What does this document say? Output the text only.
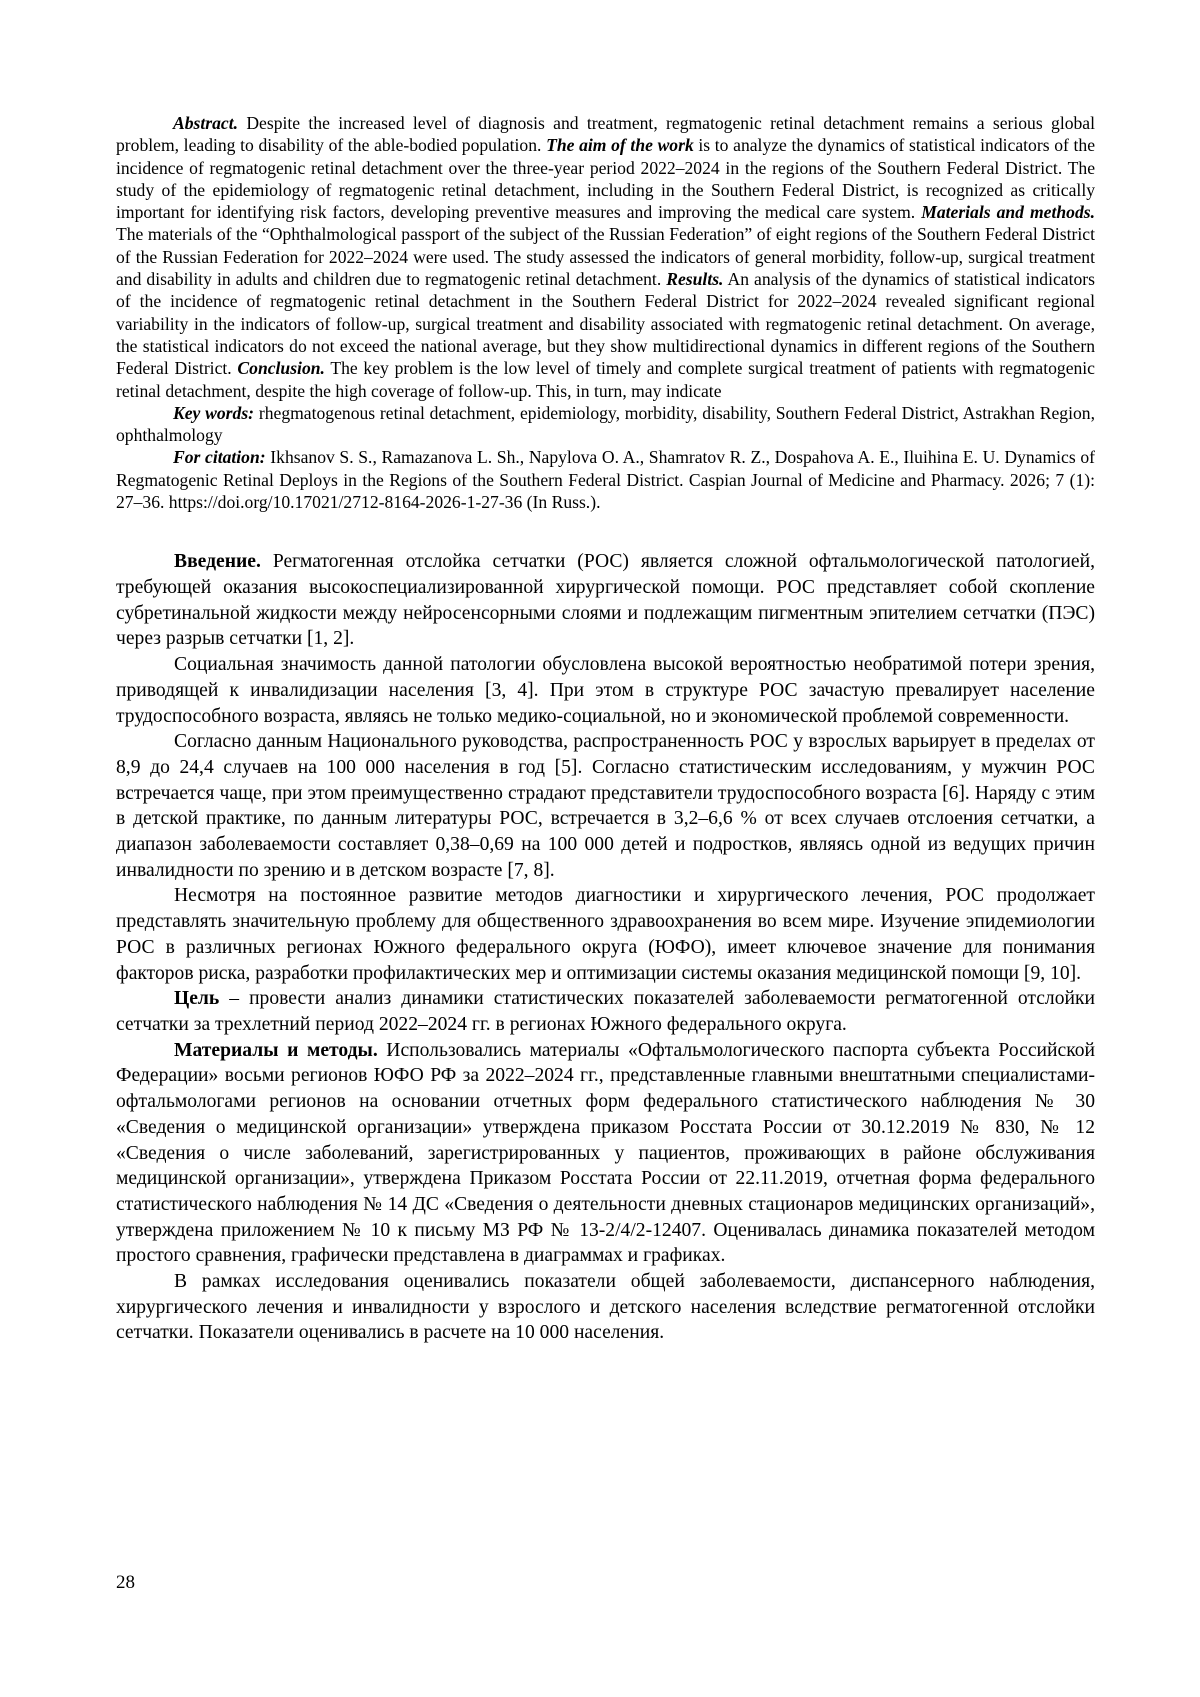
Abstract. Despite the increased level of diagnosis and treatment, regmatogenic retinal detachment remains a serious global problem, leading to disability of the able-bodied population. The aim of the work is to analyze the dynamics of statistical indicators of the incidence of regmatogenic retinal detachment over the three-year period 2022–2024 in the regions of the Southern Federal District. The study of the epidemiology of regmatogenic retinal detachment, including in the Southern Federal District, is recognized as critically important for identifying risk factors, developing preventive measures and improving the medical care system. Materials and methods. The materials of the “Ophthalmological passport of the subject of the Russian Federation” of eight regions of the Southern Federal District of the Russian Federation for 2022–2024 were used. The study assessed the indicators of general morbidity, follow-up, surgical treatment and disability in adults and children due to regmatogenic retinal detachment. Results. An analysis of the dynamics of statistical indicators of the incidence of regmatogenic retinal detachment in the Southern Federal District for 2022–2024 revealed significant regional variability in the indicators of follow-up, surgical treatment and disability associated with regmatogenic retinal detachment. On average, the statistical indicators do not exceed the national average, but they show multidirectional dynamics in different regions of the Southern Federal District. Conclusion. The key problem is the low level of timely and complete surgical treatment of patients with regmatogenic retinal detachment, despite the high coverage of follow-up. This, in turn, may indicate

Key words: rhegmatogenous retinal detachment, epidemiology, morbidity, disability, Southern Federal District, Astrakhan Region, ophthalmology

For citation: Ikhsanov S. S., Ramazanova L. Sh., Napylova O. A., Shamratov R. Z., Dospahova A. E., Iluihina E. U. Dynamics of Regmatogenic Retinal Deploys in the Regions of the Southern Federal District. Caspian Journal of Medicine and Pharmacy. 2026; 7 (1): 27–36. https://doi.org/10.17021/2712-8164-2026-1-27-36 (In Russ.).

Введение. Регматогенная отслойка сетчатки (РОС) является сложной офтальмологической патологией, требующей оказания высокоспециализированной хирургической помощи. РОС представляет собой скопление субретинальной жидкости между нейросенсорными слоями и подлежащим пигментным эпителием сетчатки (ПЭС) через разрыв сетчатки [1, 2].

Социальная значимость данной патологии обусловлена высокой вероятностью необратимой потери зрения, приводящей к инвалидизации населения [3, 4]. При этом в структуре РОС зачастую превалирует население трудоспособного возраста, являясь не только медико-социальной, но и экономической проблемой современности.

Согласно данным Национального руководства, распространенность РОС у взрослых варьирует в пределах от 8,9 до 24,4 случаев на 100 000 населения в год [5]. Согласно статистическим исследованиям, у мужчин РОС встречается чаще, при этом преимущественно страдают представители трудоспособного возраста [6]. Наряду с этим в детской практике, по данным литературы РОС, встречается в 3,2–6,6 % от всех случаев отслоения сетчатки, а диапазон заболеваемости составляет 0,38–0,69 на 100 000 детей и подростков, являясь одной из ведущих причин инвалидности по зрению и в детском возрасте [7, 8].

Несмотря на постоянное развитие методов диагностики и хирургического лечения, РОС продолжает представлять значительную проблему для общественного здравоохранения во всем мире. Изучение эпидемиологии РОС в различных регионах Южного федерального округа (ЮФО), имеет ключевое значение для понимания факторов риска, разработки профилактических мер и оптимизации системы оказания медицинской помощи [9, 10].

Цель – провести анализ динамики статистических показателей заболеваемости регматогенной отслойки сетчатки за трехлетний период 2022–2024 гг. в регионах Южного федерального округа.

Материалы и методы. Использовались материалы «Офтальмологического паспорта субъекта Российской Федерации» восьми регионов ЮФО РФ за 2022–2024 гг., представленные главными внештатными специалистами-офтальмологами регионов на основании отчетных форм федерального статистического наблюдения № 30 «Сведения о медицинской организации» утверждена приказом Росстата России от 30.12.2019 № 830, № 12 «Сведения о числе заболеваний, зарегистрированных у пациентов, проживающих в районе обслуживания медицинской организации», утверждена Приказом Росстата России от 22.11.2019, отчетная форма федерального статистического наблюдения № 14 ДС «Сведения о деятельности дневных стационаров медицинских организаций», утверждена приложением № 10 к письму МЗ РФ № 13-2/4/2-12407. Оценивалась динамика показателей методом простого сравнения, графически представлена в диаграммах и графиках.

В рамках исследования оценивались показатели общей заболеваемости, диспансерного наблюдения, хирургического лечения и инвалидности у взрослого и детского населения вследствие регматогенной отслойки сетчатки. Показатели оценивались в расчете на 10 000 населения.

28
